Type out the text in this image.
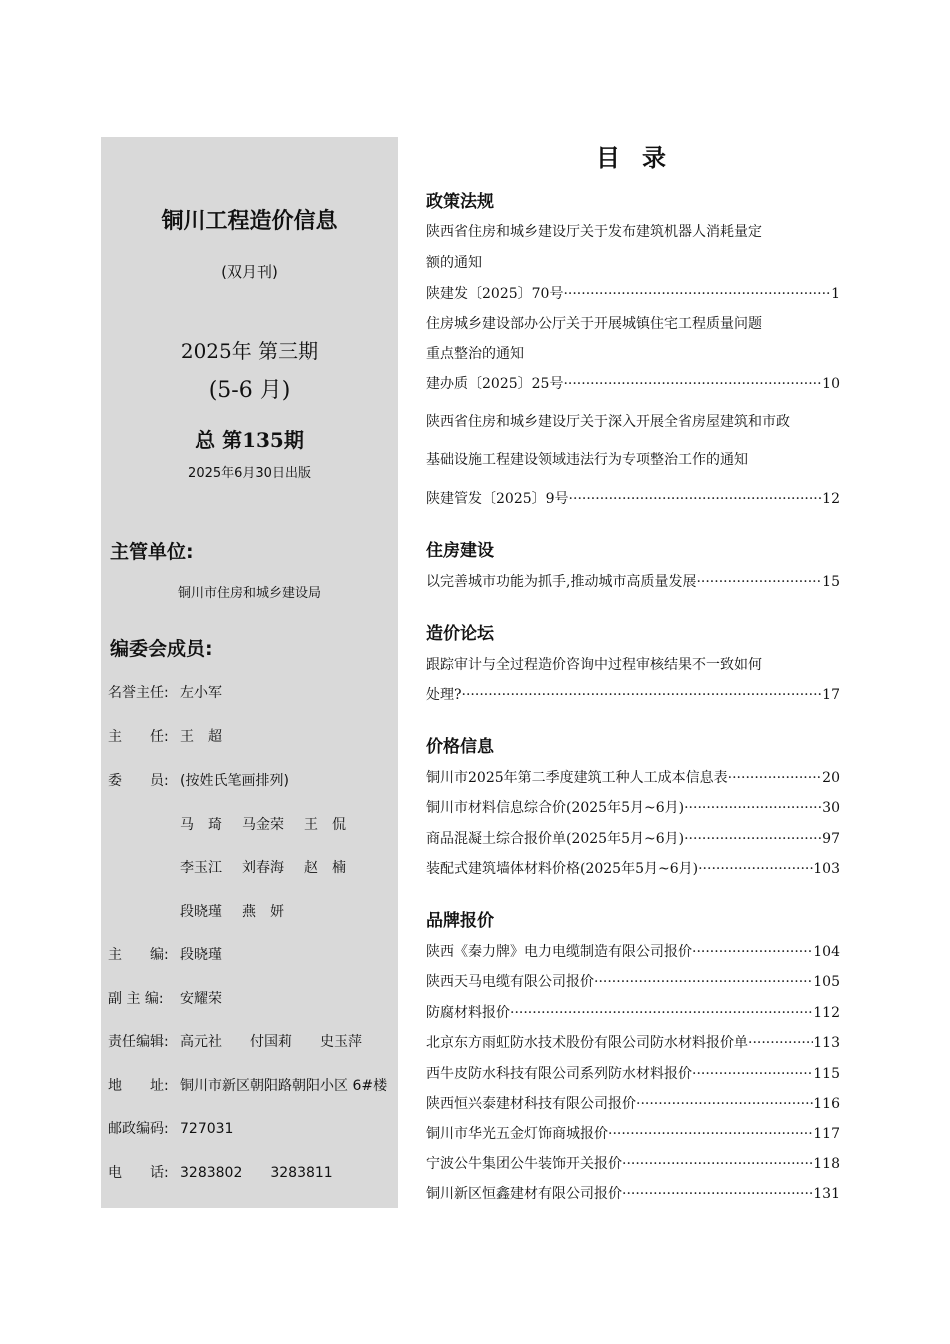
铜川工程造价信息
(双月刊)
2025年 第三期
(5-6 月)
总 第135期
2025年6月30日出版
主管单位:
铜川市住房和城乡建设局
编委会成员:
名誉主任: 左小军
主　　任: 王　超
委　　员: (按姓氏笔画排列)
马　琦 马金荣 王　侃
李玉江 刘春海 赵　楠
段晓瑾 燕　妍
主　　编: 段晓瑾
副 主 编: 安耀荣
责任编辑: 高元社　　付国莉　　史玉萍
地　　址: 铜川市新区朝阳路朝阳小区 6#楼
邮政编码: 727031
电　　话: 3283802　　3283811
目录
政策法规
陕西省住房和城乡建设厅关于发布建筑机器人消耗量定
额的通知
陕建发〔2025〕70号 ·····	1
住房城乡建设部办公厅关于开展城镇住宅工程质量问题
重点整治的通知
建办质〔2025〕25号 ·····	10
陕西省住房和城乡建设厅关于深入开展全省房屋建筑和市政
基础设施工程建设领域违法行为专项整治工作的通知
陕建管发〔2025〕9号 ·····	12
住房建设
以完善城市功能为抓手,推动城市高质量发展 ·····	15
造价论坛
跟踪审计与全过程造价咨询中过程审核结果不一致如何
处理? ·····	17
价格信息
铜川市2025年第二季度建筑工种人工成本信息表 ·····	20
铜川市材料信息综合价(2025年5月~6月) ·····	30
商品混凝土综合报价单(2025年5月~6月) ·····	97
装配式建筑墙体材料价格(2025年5月~6月) ·····	103
品牌报价
陕西《秦力牌》电力电缆制造有限公司报价 ·····	104
陕西天马电缆有限公司报价 ·····	105
防腐材料报价 ·····	112
北京东方雨虹防水技术股份有限公司防水材料报价单 ·····	113
西牛皮防水科技有限公司系列防水材料报价 ·····	115
陕西恒兴泰建材科技有限公司报价 ·····	116
铜川市华光五金灯饰商城报价 ·····	117
宁波公牛集团公牛装饰开关报价 ·····	118
铜川新区恒鑫建材有限公司报价 ·····	131
